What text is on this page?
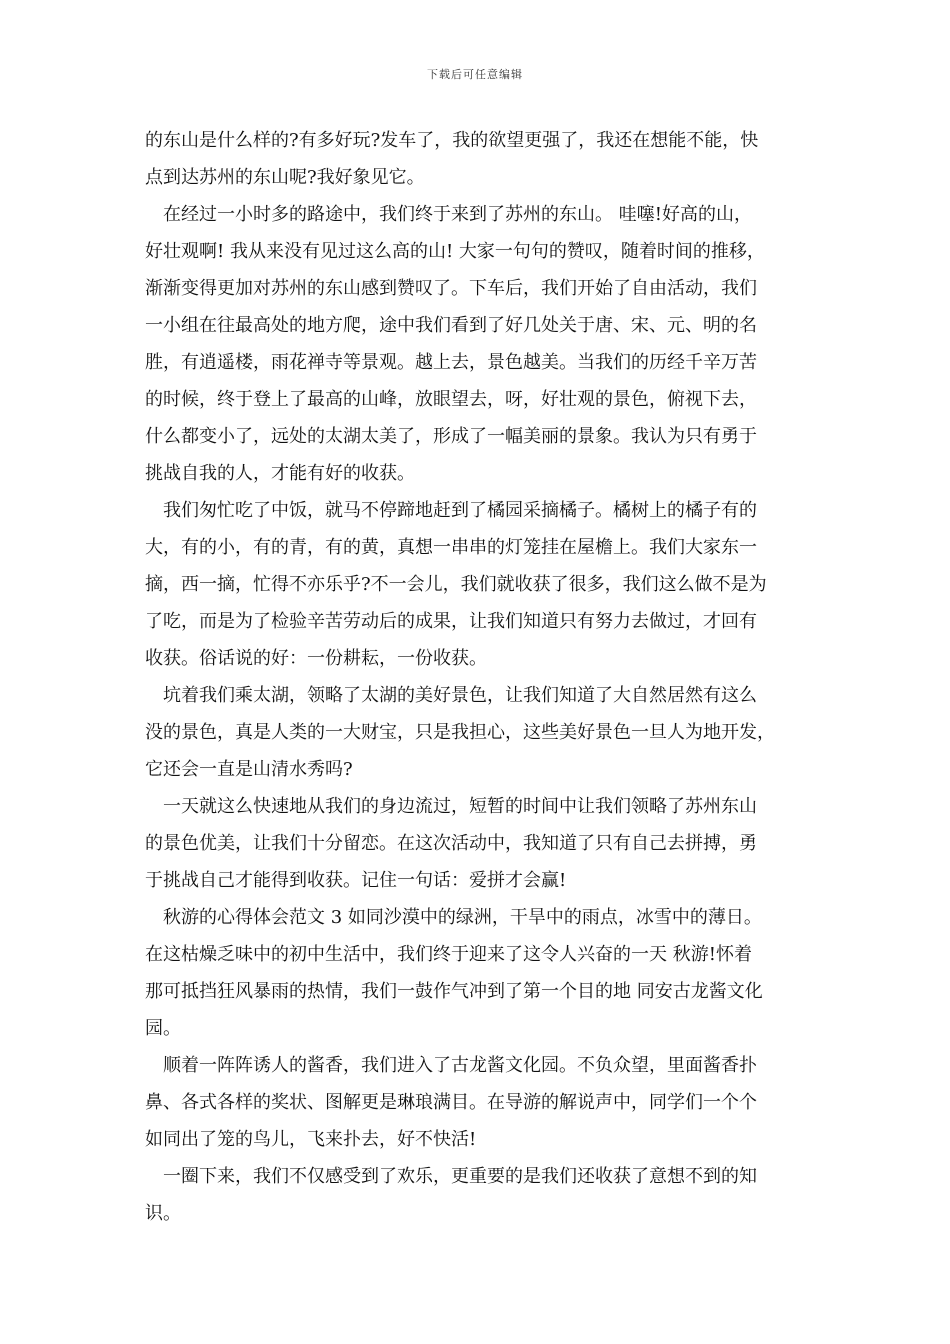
下载后可任意编辑
的东山是什么样的?有多好玩?发车了，我的欲望更强了，我还在想能不能，快
点到达苏州的东山呢?我好象见它。
　在经过一小时多的路途中，我们终于来到了苏州的东山。 哇噻!好高的山，
好壮观啊! 我从来没有见过这么高的山! 大家一句句的赞叹，随着时间的推移，
渐渐变得更加对苏州的东山感到赞叹了。下车后，我们开始了自由活动，我们
一小组在往最高处的地方爬，途中我们看到了好几处关于唐、宋、元、明的名
胜，有逍遥楼，雨花禅寺等景观。越上去，景色越美。当我们的历经千辛万苦
的时候，终于登上了最高的山峰，放眼望去，呀，好壮观的景色，俯视下去，
什么都变小了，远处的太湖太美了，形成了一幅美丽的景象。我认为只有勇于
挑战自我的人，才能有好的收获。
　我们匆忙吃了中饭，就马不停蹄地赶到了橘园采摘橘子。橘树上的橘子有的
大，有的小，有的青，有的黄，真想一串串的灯笼挂在屋檐上。我们大家东一
摘，西一摘，忙得不亦乐乎?不一会儿，我们就收获了很多，我们这么做不是为
了吃，而是为了检验辛苦劳动后的成果，让我们知道只有努力去做过，才回有
收获。俗话说的好：一份耕耘，一份收获。
　坑着我们乘太湖，领略了太湖的美好景色，让我们知道了大自然居然有这么
没的景色，真是人类的一大财宝，只是我担心，这些美好景色一旦人为地开发，
它还会一直是山清水秀吗?
　一天就这么快速地从我们的身边流过，短暂的时间中让我们领略了苏州东山
的景色优美，让我们十分留恋。在这次活动中，我知道了只有自己去拼搏，勇
于挑战自己才能得到收获。记住一句话：爱拼才会赢!
　秋游的心得体会范文 3 如同沙漠中的绿洲，干旱中的雨点，冰雪中的薄日。
在这枯燥乏味中的初中生活中，我们终于迎来了这令人兴奋的一天 秋游!怀着
那可抵挡狂风暴雨的热情，我们一鼓作气冲到了第一个目的地 同安古龙酱文化
园。
　顺着一阵阵诱人的酱香，我们进入了古龙酱文化园。不负众望，里面酱香扑
鼻、各式各样的奖状、图解更是琳琅满目。在导游的解说声中，同学们一个个
如同出了笼的鸟儿，飞来扑去，好不快活!
　一圈下来，我们不仅感受到了欢乐，更重要的是我们还收获了意想不到的知
识。
